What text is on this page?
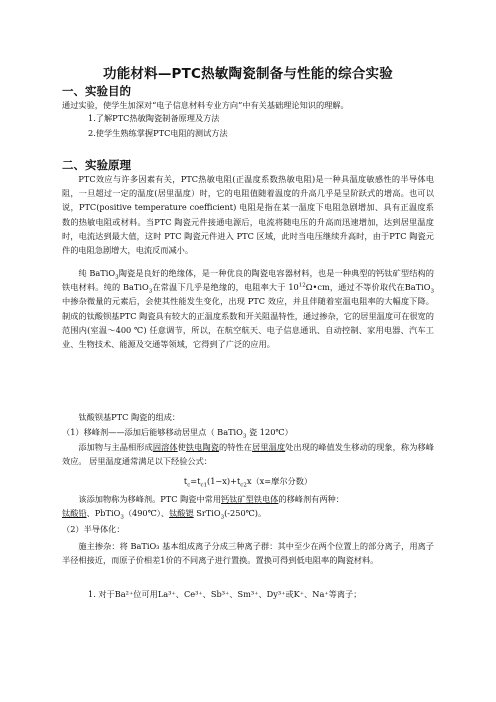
功能材料—PTC热敏陶瓷制备与性能的综合实验
一、实验目的
通过实验，使学生加深对“电子信息材料专业方向”中有关基础理论知识的理解。
1.了解PTC热敏陶瓷制备原理及方法
2.使学生熟练掌握PTC电阻的测试方法
二、实验原理
PTC效应与许多因素有关，PTC热敏电阻(正温度系数热敏电阻)是一种具温度敏感性的半导体电阻，一旦超过一定的温度(居里温度）时，它的电阻值随着温度的升高几乎是呈阶跃式的增高。也可以说，PTC(positive temperature coefficient) 电阻是指在某一温度下电阻急剧增加、具有正温度系数的热敏电阻或材料。当PTC 陶瓷元件接通电源后，电流将随电压的升高而迅速增加，达到居里温度时，电流达到最大值，这时 PTC 陶瓷元件进入 PTC 区域，此时当电压继续升高时，由于PTC 陶瓷元件的电阻急剧增大，电流反而减小。
纯 BaTiO$_3$陶瓷是良好的绝缘体，是一种优良的陶瓷电容器材料，也是一种典型的钙钛矿型结构的铁电材料。纯的 BaTiO$_3$在常温下几乎是绝缘的，电阻率大于 $10^{12}\Omega•cm$，通过不等价取代在BaTiO$_3$中掺杂微量的元素后，会使其性能发生变化，出现 PTC 效应，并且伴随着室温电阻率的大幅度下降。制成的钛酸钡基PTC 陶瓷具有较大的正温度系数和开关阻温特性，通过掺杂，它的居里温度可在很宽的范围内(室温～400 ℃) 任意调节，所以，在航空航天、电子信息通讯、自动控制、家用电器、汽车工业、生物技术、能源及交通等领域，它得到了广泛的应用。
钛酸钡基PTC 陶瓷的组成：
（1）移峰剂——添加后能够移动居里点（ BaTiO$_3$ 瓷 120℃）
添加物与主晶相形成固溶体使铁电陶瓷的特性在居里温度处出现的峰值发生移动的现象，称为移峰效应。 居里温度通常满足以下经验公式：
$t_c=t_{c1}(1-x)+t_{c2}x(x=$摩尔分数）
该添加物称为移峰剂。PTC 陶瓷中常用钙钛矿型铁电体的移峰剂有两种：
钛酸铅、PbTiO$_3$（490℃）、钛酸锶 SrTiO$_3$(-250℃)。
（2）半导体化：
施主掺杂：将 BaTiO₃ 基本组成离子分成三种离子群：其中至少在两个位置上的部分离子，用离子半径相接近，而原子价相差1价的不同离子进行置换。置换可得到低电阻率的陶瓷材料。
1. 对于Ba²⁺位可用La³⁺、Ce³⁺、Sb³⁺、Sm³⁺、Dy³⁺或K⁺、Na⁺等离子；
